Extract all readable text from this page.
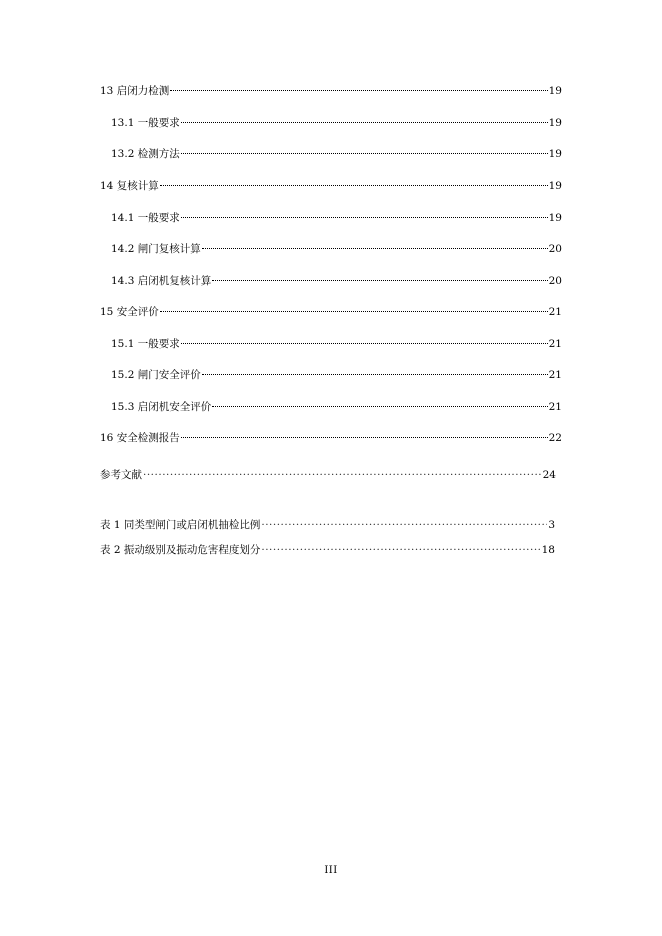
13 启闭力检测	19
13.1 一般要求	19
13.2 检测方法	19
14 复核计算	19
14.1 一般要求	19
14.2 闸门复核计算	20
14.3 启闭机复核计算	20
15 安全评价	21
15.1 一般要求	21
15.2 闸门安全评价	21
15.3 启闭机安全评价	21
16 安全检测报告	22
参考文献 ·····	24
表 1 同类型闸门或启闭机抽检比例 ·····	3
表 2 振动级别及振动危害程度划分 ·····	18
III
